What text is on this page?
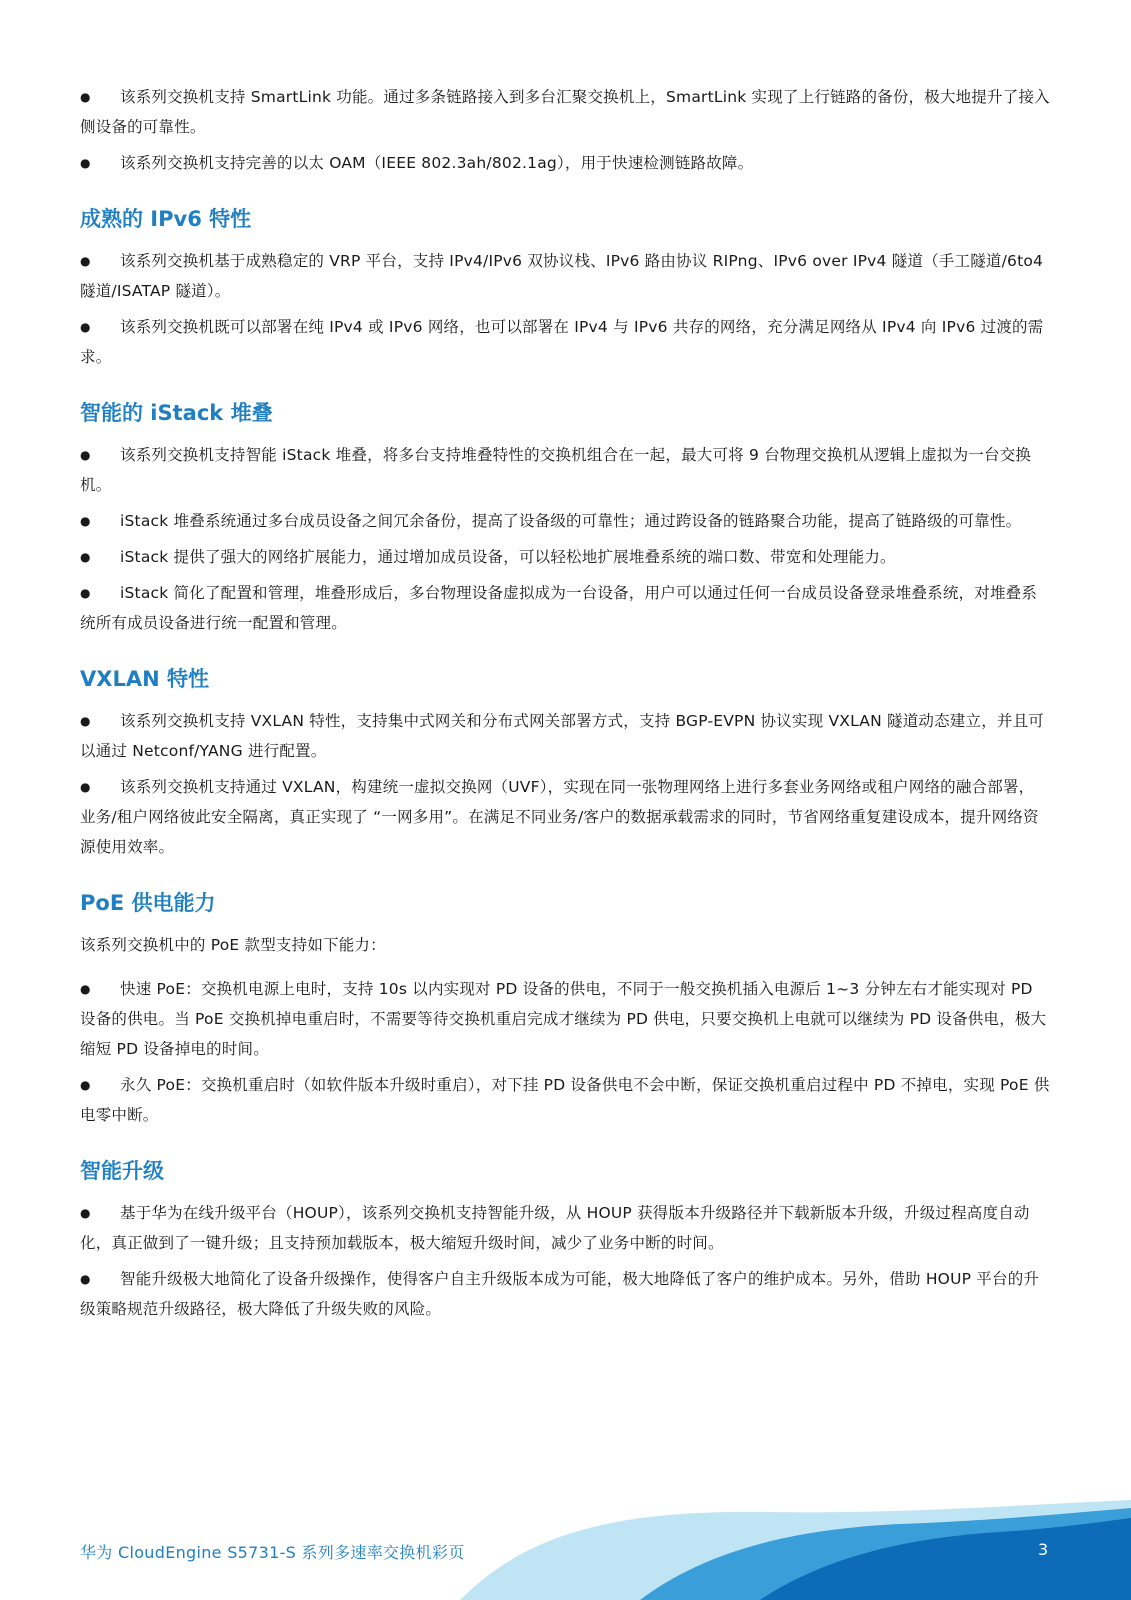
● 该系列交换机支持 SmartLink 功能。通过多条链路接入到多台汇聚交换机上，SmartLink 实现了上行链路的备份，极大地提升了接入侧设备的可靠性。

● 该系列交换机支持完善的以太 OAM（IEEE 802.3ah/802.1ag），用于快速检测链路故障。

成熟的 IPv6 特性

● 该系列交换机基于成熟稳定的 VRP 平台，支持 IPv4/IPv6 双协议栈、IPv6 路由协议 RIPng、IPv6 over IPv4 隧道（手工隧道/6to4 隧道/ISATAP 隧道）。

● 该系列交换机既可以部署在纯 IPv4 或 IPv6 网络，也可以部署在 IPv4 与 IPv6 共存的网络，充分满足网络从 IPv4 向 IPv6 过渡的需求。

智能的 iStack 堆叠

● 该系列交换机支持智能 iStack 堆叠，将多台支持堆叠特性的交换机组合在一起，最大可将 9 台物理交换机从逻辑上虚拟为一台交换机。

● iStack 堆叠系统通过多台成员设备之间冗余备份，提高了设备级的可靠性；通过跨设备的链路聚合功能，提高了链路级的可靠性。

● iStack 提供了强大的网络扩展能力，通过增加成员设备，可以轻松地扩展堆叠系统的端口数、带宽和处理能力。

● iStack 简化了配置和管理，堆叠形成后，多台物理设备虚拟成为一台设备，用户可以通过任何一台成员设备登录堆叠系统，对堆叠系统所有成员设备进行统一配置和管理。

VXLAN 特性

● 该系列交换机支持 VXLAN 特性，支持集中式网关和分布式网关部署方式，支持 BGP-EVPN 协议实现 VXLAN 隧道动态建立，并且可以通过 Netconf/YANG 进行配置。

● 该系列交换机支持通过 VXLAN，构建统一虚拟交换网（UVF），实现在同一张物理网络上进行多套业务网络或租户网络的融合部署，业务/租户网络彼此安全隔离，真正实现了 “一网多用”。在满足不同业务/客户的数据承载需求的同时，节省网络重复建设成本，提升网络资源使用效率。

PoE 供电能力

该系列交换机中的 PoE 款型支持如下能力：

● 快速 PoE：交换机电源上电时，支持 10s 以内实现对 PD 设备的供电，不同于一般交换机插入电源后 1~3 分钟左右才能实现对 PD 设备的供电。当 PoE 交换机掉电重启时，不需要等待交换机重启完成才继续为 PD 供电，只要交换机上电就可以继续为 PD 设备供电，极大缩短 PD 设备掉电的时间。

● 永久 PoE：交换机重启时（如软件版本升级时重启），对下挂 PD 设备供电不会中断，保证交换机重启过程中 PD 不掉电，实现 PoE 供电零中断。

智能升级

● 基于华为在线升级平台（HOUP），该系列交换机支持智能升级，从 HOUP 获得版本升级路径并下载新版本升级，升级过程高度自动化，真正做到了一键升级；且支持预加载版本，极大缩短升级时间，减少了业务中断的时间。

● 智能升级极大地简化了设备升级操作，使得客户自主升级版本成为可能，极大地降低了客户的维护成本。另外，借助 HOUP 平台的升级策略规范升级路径，极大降低了升级失败的风险。

华为 CloudEngine S5731-S 系列多速率交换机彩页	3
